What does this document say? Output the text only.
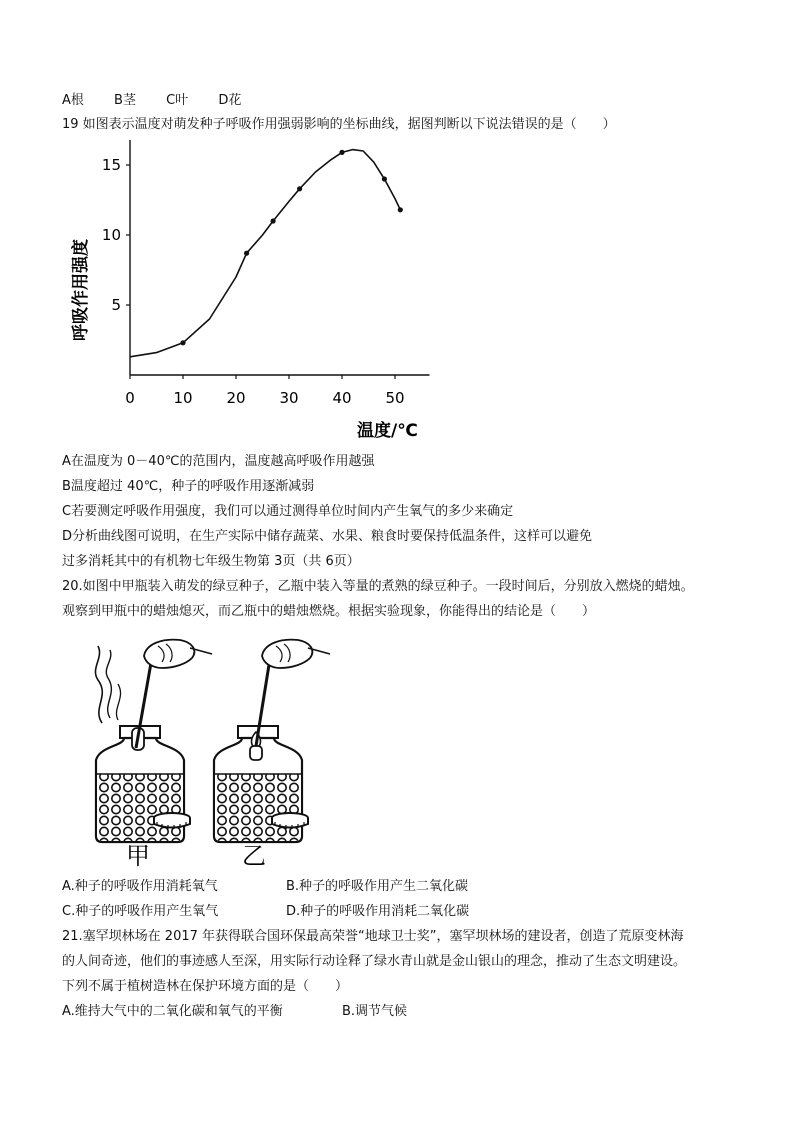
A根 B茎 C叶 D花
19 如图表示温度对萌发种子呼吸作用强弱影响的坐标曲线，据图判断以下说法错误的是（　　）
0	10 20 30 40 50
5
10
15
呼吸作用强度
温度/℃
A在温度为 0－40℃的范围内，温度越高呼吸作用越强
B温度超过 40℃，种子的呼吸作用逐渐减弱
C若要测定呼吸作用强度，我们可以通过测得单位时间内产生氧气的多少来确定
D分析曲线图可说明，在生产实际中储存蔬菜、水果、粮食时要保持低温条件，这样可以避免
过多消耗其中的有机物七年级生物第 3页（共 6页）
20.如图中甲瓶装入萌发的绿豆种子，乙瓶中装入等量的煮熟的绿豆种子。一段时间后，分别放入燃烧的蜡烛。
观察到甲瓶中的蜡烛熄灭，而乙瓶中的蜡烛燃烧。根据实验现象，你能得出的结论是（　　）
甲	乙
A.种子的呼吸作用消耗氧气	B.种子的呼吸作用产生二氧化碳
C.种子的呼吸作用产生氧气	D.种子的呼吸作用消耗二氧化碳
21.塞罕坝林场在 2017 年获得联合国环保最高荣誉“地球卫士奖”，塞罕坝林场的建设者，创造了荒原变林海
的人间奇迹，他们的事迹感人至深，用实际行动诠释了绿水青山就是金山银山的理念，推动了生态文明建设。
下列不属于植树造林在保护环境方面的是（　　）
A.维持大气中的二氧化碳和氧气的平衡	B.调节气候
